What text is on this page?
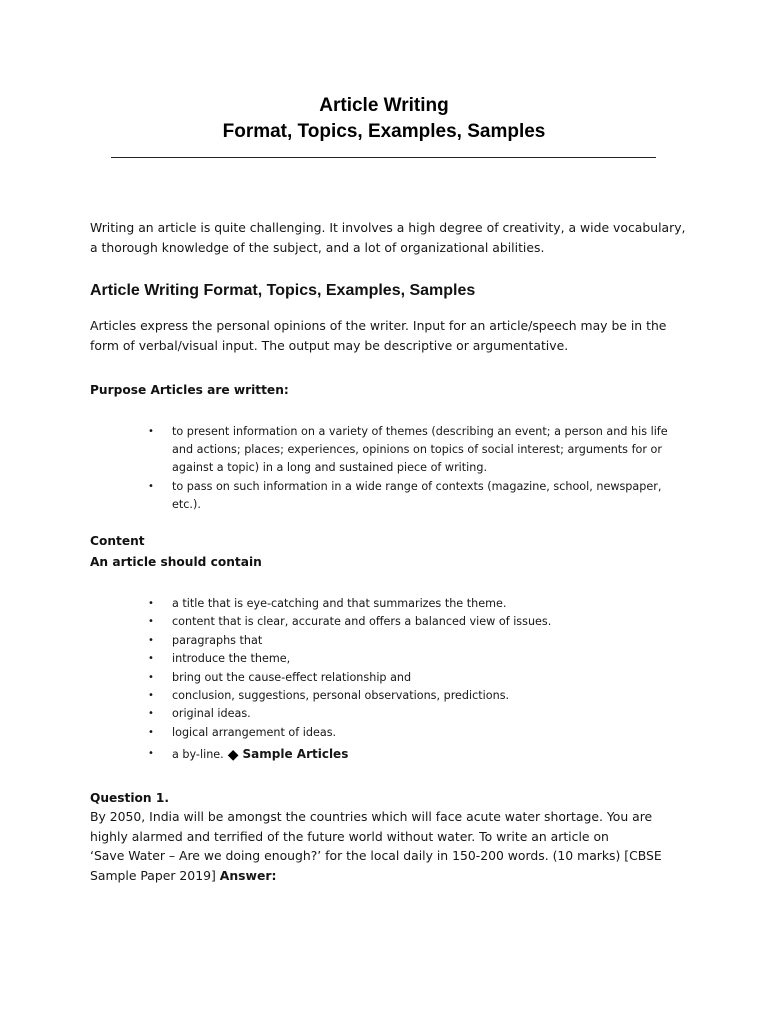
Article Writing
Format, Topics, Examples, Samples
Writing an article is quite challenging. It involves a high degree of creativity, a wide vocabulary,
a thorough knowledge of the subject, and a lot of organizational abilities.
Article Writing Format, Topics, Examples, Samples
Articles express the personal opinions of the writer. Input for an article/speech may be in the
form of verbal/visual input. The output may be descriptive or argumentative.
Purpose Articles are written:
• to present information on a variety of themes (describing an event; a person and his life
and actions; places; experiences, opinions on topics of social interest; arguments for or
against a topic) in a long and sustained piece of writing.
• to pass on such information in a wide range of contexts (magazine, school, newspaper,
etc.).
Content
An article should contain
• a title that is eye-catching and that summarizes the theme.
• content that is clear, accurate and offers a balanced view of issues.
• paragraphs that
• introduce the theme,
• bring out the cause-effect relationship and
• conclusion, suggestions, personal observations, predictions.
• original ideas.
• logical arrangement of ideas.
• a by-line. ◆ Sample Articles
Question 1.
By 2050, India will be amongst the countries which will face acute water shortage. You are
highly alarmed and terrified of the future world without water. To write an article on
‘Save Water – Are we doing enough?’ for the local daily in 150-200 words. (10 marks) [CBSE
Sample Paper 2019] Answer:
